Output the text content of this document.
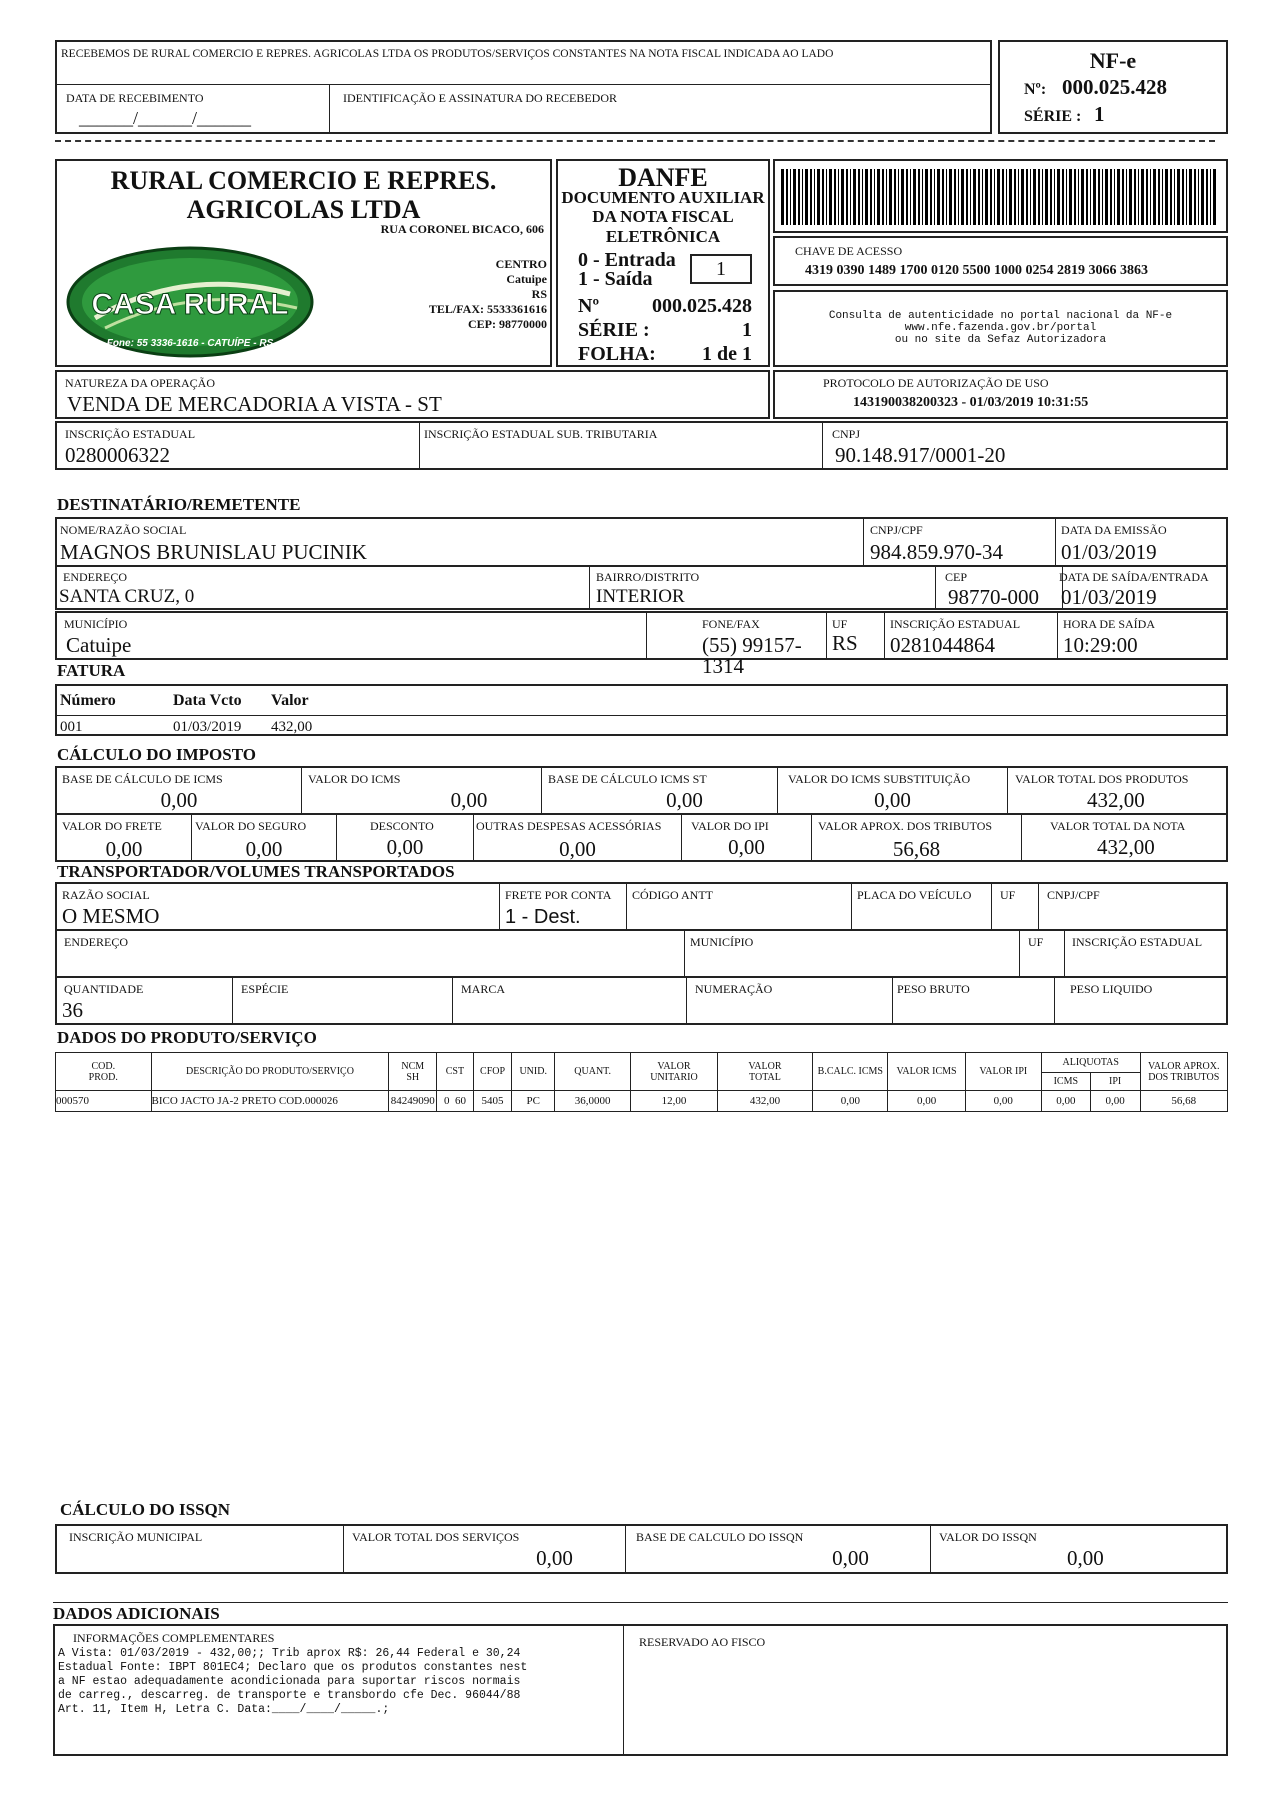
RECEBEMOS DE RURAL COMERCIO E REPRES. AGRICOLAS LTDA OS PRODUTOS/SERVIÇOS CONSTANTES NA NOTA FISCAL INDICADA AO LADO
DATA DE RECEBIMENTO
______/______/______
IDENTIFICAÇÃO E ASSINATURA DO RECEBEDOR
NF-e
Nº: 000.025.428
SÉRIE : 1
RURAL COMERCIO E REPRES.
AGRICOLAS LTDA
RUA CORONEL BICACO, 606
CENTRO
Catuipe
RS
TEL/FAX: 5533361616
CEP: 98770000
CASA RURAL
Fone: 55 3336-1616 - CATUÍPE - RS
DANFE
DOCUMENTO AUXILIAR
DA NOTA FISCAL
ELETRÔNICA
0 - Entrada
1 - Saída	1
Nº	000.025.428
SÉRIE :	1
FOLHA: 1 de 1
CHAVE DE ACESSO
4319 0390 1489 1700 0120 5500 1000 0254 2819 3066 3863
Consulta de autenticidade no portal nacional da NF-e
www.nfe.fazenda.gov.br/portal
ou no site da Sefaz Autorizadora
NATUREZA DA OPERAÇÃO
VENDA DE MERCADORIA A VISTA - ST
PROTOCOLO DE AUTORIZAÇÃO DE USO
143190038200323 - 01/03/2019 10:31:55
INSCRIÇÃO ESTADUAL
0280006322
INSCRIÇÃO ESTADUAL SUB. TRIBUTARIA	CNPJ
90.148.917/0001-20
DESTINATÁRIO/REMETENTE
NOME/RAZÃO SOCIAL
MAGNOS BRUNISLAU PUCINIK
CNPJ/CPF
984.859.970-34
DATA DA EMISSÃO
01/03/2019
ENDEREÇO
SANTA CRUZ, 0
BAIRRO/DISTRITO
INTERIOR
CEP
98770-000
DATA DE SAÍDA/ENTRADA
01/03/2019
MUNICÍPIO
Catuipe
FONE/FAX
(55) 99157-1314
UF
RS
INSCRIÇÃO ESTADUAL
0281044864
HORA DE SAÍDA
10:29:00
FATURA
Número	Data Vcto Valor
001	01/03/2019 432,00
CÁLCULO DO IMPOSTO
BASE DE CÁLCULO DE ICMS
0,00
VALOR DO ICMS
0,00
BASE DE CÁLCULO ICMS ST
0,00
VALOR DO ICMS SUBSTITUIÇÃO
0,00
VALOR TOTAL DOS PRODUTOS
432,00
VALOR DO FRETE
0,00
VALOR DO SEGURO
0,00
DESCONTO
0,00
OUTRAS DESPESAS ACESSÓRIAS
0,00
VALOR DO IPI
0,00
VALOR APROX. DOS TRIBUTOS
56,68
VALOR TOTAL DA NOTA
432,00
TRANSPORTADOR/VOLUMES TRANSPORTADOS
RAZÃO SOCIAL
O MESMO
FRETE POR CONTA
1 - Dest.
CÓDIGO ANTT	PLACA DO VEÍCULO UF	CNPJ/CPF
ENDEREÇO	MUNICÍPIO	UF INSCRIÇÃO ESTADUAL
QUANTIDADE
36
ESPÉCIE	MARCA	NUMERAÇÃO	PESO BRUTO	PESO LIQUIDO
DADOS DO PRODUTO/SERVIÇO
COD.
PROD.	DESCRIÇÃO DO PRODUTO/SERVIÇO	NCM
SH	CST	CFOP	UNID.	QUANT.	VALOR
UNITARIO	VALOR
TOTAL	B.CALC. ICMS	VALOR ICMS	VALOR IPI	ALIQUOTAS		VALOR APROX.
DOS TRIBUTOS
												ICMS	IPI	
000570	BICO JACTO JA-2 PRETO COD.000026	84249090	0 60	5405	PC	36,0000	12,00	432,00	0,00	0,00	0,00	0,00	0,00	56,68
CÁLCULO DO ISSQN
INSCRIÇÃO MUNICIPAL	VALOR TOTAL DOS SERVIÇOS
0,00
BASE DE CALCULO DO ISSQN
0,00
VALOR DO ISSQN
0,00
DADOS ADICIONAIS
INFORMAÇÕES COMPLEMENTARES
A Vista: 01/03/2019 - 432,00;; Trib aprox R$: 26,44 Federal e 30,24
Estadual Fonte: IBPT 801EC4; Declaro que os produtos constantes nest
a NF estao adequadamente acondicionada para suportar riscos normais
de carreg., descarreg. de transporte e transbordo cfe Dec. 96044/88
Art. 11, Item H, Letra C. Data:____/____/_____.;
RESERVADO AO FISCO
